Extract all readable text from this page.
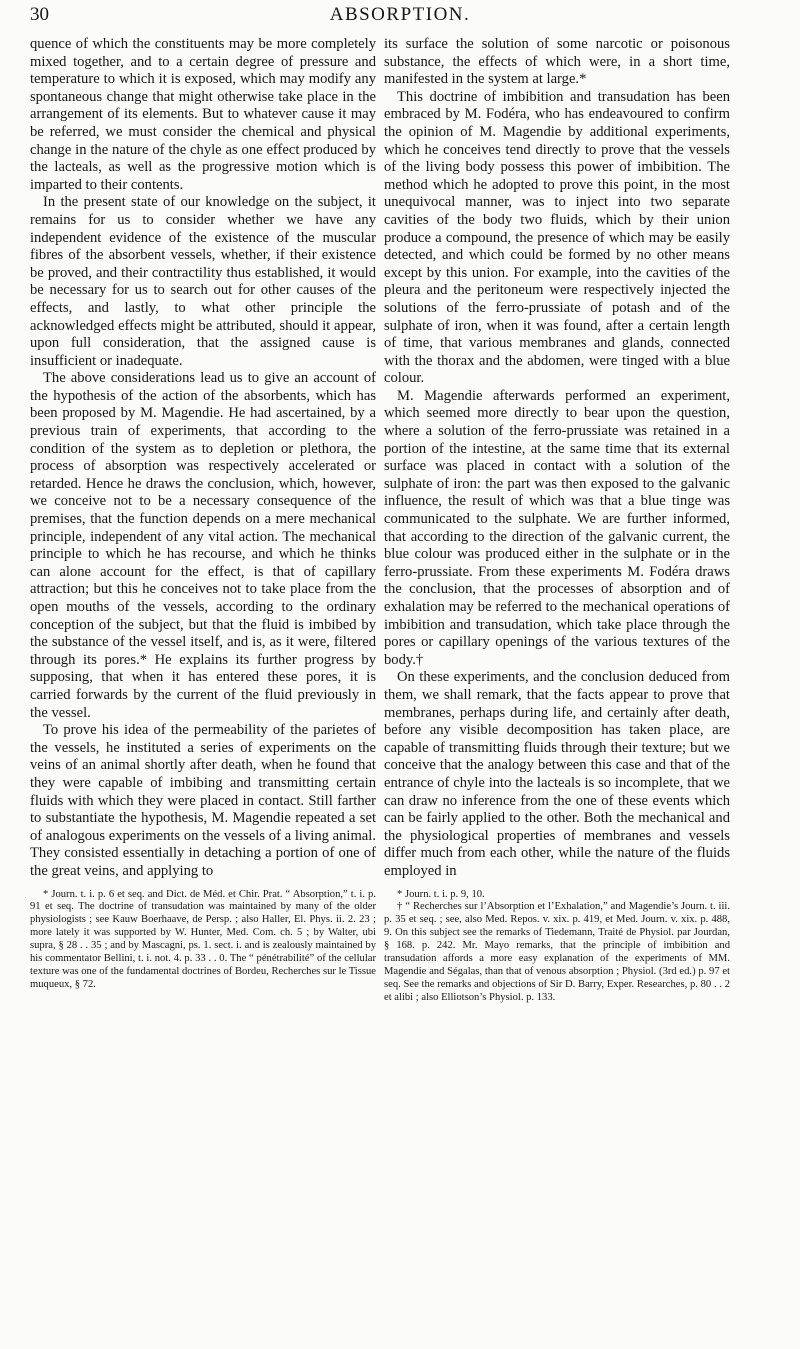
30	ABSORPTION.

quence of which the constituents may be more completely mixed together, and to a certain degree of pressure and temperature to which it is exposed, which may modify any spontaneous change that might otherwise take place in the arrangement of its elements. But to whatever cause it may be referred, we must consider the chemical and physical change in the nature of the chyle as one effect produced by the lacteals, as well as the progressive motion which is imparted to their contents.

In the present state of our knowledge on the subject, it remains for us to consider whether we have any independent evidence of the existence of the muscular fibres of the absorbent vessels, whether, if their existence be proved, and their contractility thus established, it would be necessary for us to search out for other causes of the effects, and lastly, to what other principle the acknowledged effects might be attributed, should it appear, upon full consideration, that the assigned cause is insufficient or inadequate.

The above considerations lead us to give an account of the hypothesis of the action of the absorbents, which has been proposed by M. Magendie. He had ascertained, by a previous train of experiments, that according to the condition of the system as to depletion or plethora, the process of absorption was respectively accelerated or retarded. Hence he draws the conclusion, which, however, we conceive not to be a necessary consequence of the premises, that the function depends on a mere mechanical principle, independent of any vital action. The mechanical principle to which he has recourse, and which he thinks can alone account for the effect, is that of capillary attraction; but this he conceives not to take place from the open mouths of the vessels, according to the ordinary conception of the subject, but that the fluid is imbibed by the substance of the vessel itself, and is, as it were, filtered through its pores.* He explains its further progress by supposing, that when it has entered these pores, it is carried forwards by the current of the fluid previously in the vessel.

To prove his idea of the permeability of the parietes of the vessels, he instituted a series of experiments on the veins of an animal shortly after death, when he found that they were capable of imbibing and transmitting certain fluids with which they were placed in contact. Still farther to substantiate the hypothesis, M. Magendie repeated a set of analogous experiments on the vessels of a living animal. They consisted essentially in detaching a portion of one of the great veins, and applying to

* Journ. t. i. p. 6 et seq. and Dict. de Méd. et Chir. Prat. “ Absorption,” t. i. p. 91 et seq. The doctrine of transudation was maintained by many of the older physiologists ; see Kauw Boerhaave, de Persp. ; also Haller, El. Phys. ii. 2. 23 ; more lately it was supported by W. Hunter, Med. Com. ch. 5 ; by Walter, ubi supra, § 28 . . 35 ; and by Mascagni, ps. 1. sect. i. and is zealously maintained by his commentator Bellini, t. i. not. 4. p. 33 . . 0. The “ pénétrabilité” of the cellular texture was one of the fundamental doctrines of Bordeu, Recherches sur le Tissue muqueux, § 72.

its surface the solution of some narcotic or poisonous substance, the effects of which were, in a short time, manifested in the system at large.*

This doctrine of imbibition and transudation has been embraced by M. Fodéra, who has endeavoured to confirm the opinion of M. Magendie by additional experiments, which he conceives tend directly to prove that the vessels of the living body possess this power of imbibition. The method which he adopted to prove this point, in the most unequivocal manner, was to inject into two separate cavities of the body two fluids, which by their union produce a compound, the presence of which may be easily detected, and which could be formed by no other means except by this union. For example, into the cavities of the pleura and the peritoneum were respectively injected the solutions of the ferro-prussiate of potash and of the sulphate of iron, when it was found, after a certain length of time, that various membranes and glands, connected with the thorax and the abdomen, were tinged with a blue colour.

M. Magendie afterwards performed an experiment, which seemed more directly to bear upon the question, where a solution of the ferro-prussiate was retained in a portion of the intestine, at the same time that its external surface was placed in contact with a solution of the sulphate of iron: the part was then exposed to the galvanic influence, the result of which was that a blue tinge was communicated to the sulphate. We are further informed, that according to the direction of the galvanic current, the blue colour was produced either in the sulphate or in the ferro-prussiate. From these experiments M. Fodéra draws the conclusion, that the processes of absorption and of exhalation may be referred to the mechanical operations of imbibition and transudation, which take place through the pores or capillary openings of the various textures of the body.†

On these experiments, and the conclusion deduced from them, we shall remark, that the facts appear to prove that membranes, perhaps during life, and certainly after death, before any visible decomposition has taken place, are capable of transmitting fluids through their texture; but we conceive that the analogy between this case and that of the entrance of chyle into the lacteals is so incomplete, that we can draw no inference from the one of these events which can be fairly applied to the other. Both the mechanical and the physiological properties of membranes and vessels differ much from each other, while the nature of the fluids employed in

* Journ. t. i. p. 9, 10.

† “ Recherches sur l’Absorption et l’Exhalation,” and Magendie’s Journ. t. iii. p. 35 et seq. ; see, also Med. Repos. v. xix. p. 419, et Med. Journ. v. xix. p. 488, 9. On this subject see the remarks of Tiedemann, Traité de Physiol. par Jourdan, § 168. p. 242. Mr. Mayo remarks, that the principle of imbibition and transudation affords a more easy explanation of the experiments of MM. Magendie and Ségalas, than that of venous absorption ; Physiol. (3rd ed.) p. 97 et seq. See the remarks and objections of Sir D. Barry, Exper. Researches, p. 80 . . 2 et alibi ; also Elliotson’s Physiol. p. 133.
